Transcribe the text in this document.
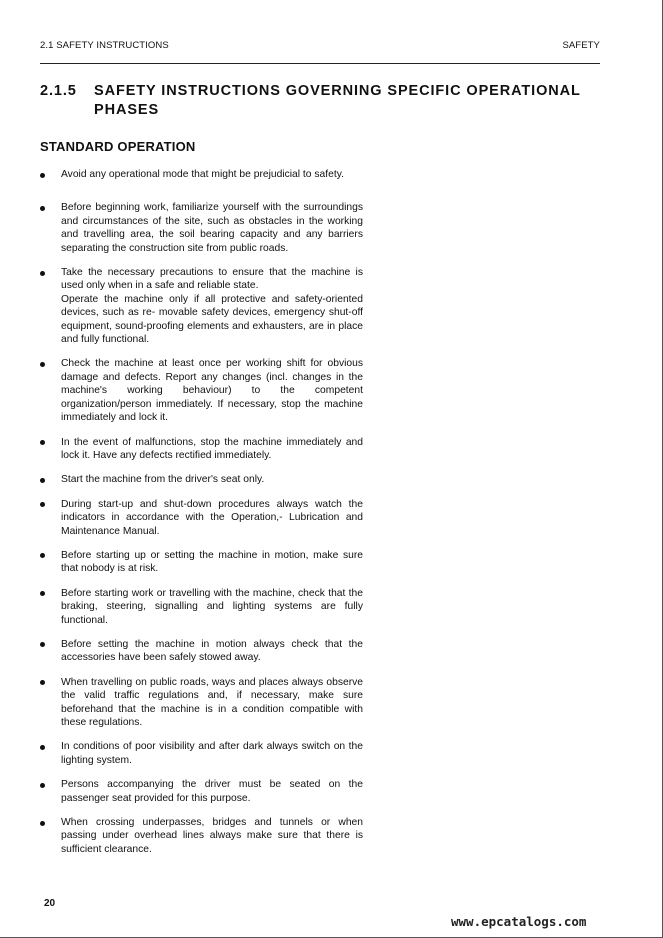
2.1 SAFETY INSTRUCTIONS	SAFETY
2.1.5 SAFETY INSTRUCTIONS GOVERNING SPECIFIC OPERATIONAL PHASES
STANDARD OPERATION

Avoid any operational mode that might be prejudicial to safety.

Before beginning work, familiarize yourself with the surroundings and circumstances of the site, such as obstacles in the working and travelling area, the soil bearing capacity and any barriers separating the construction site from public roads.

Take the necessary precautions to ensure that the machine is used only when in a safe and reliable state.

Operate the machine only if all protective and safety-oriented devices, such as re- movable safety devices, emergency shut-off equipment, sound-proofing elements and exhausters, are in place and fully functional.

Check the machine at least once per working shift for obvious damage and defects. Report any changes (incl. changes in the machine's working behaviour) to the competent organization/person immediately. If necessary, stop the machine immediately and lock it.

In the event of malfunctions, stop the machine immediately and lock it. Have any defects rectified immediately.

Start the machine from the driver's seat only.

During start-up and shut-down procedures always watch the indicators in accordance with the Operation,- Lubrication and Maintenance Manual.

Before starting up or setting the machine in motion, make sure that nobody is at risk.

Before starting work or travelling with the machine, check that the braking, steering, signalling and lighting systems are fully functional.

Before setting the machine in motion always check that the accessories have been safely stowed away.

When travelling on public roads, ways and places always observe the valid traffic regulations and, if necessary, make sure beforehand that the machine is in a condition compatible with these regulations.

In conditions of poor visibility and after dark always switch on the lighting system.

Persons accompanying the driver must be seated on the passenger seat provided for this purpose.

When crossing underpasses, bridges and tunnels or when passing under overhead lines always make sure that there is sufficient clearance.

20
www.epcatalogs.com
